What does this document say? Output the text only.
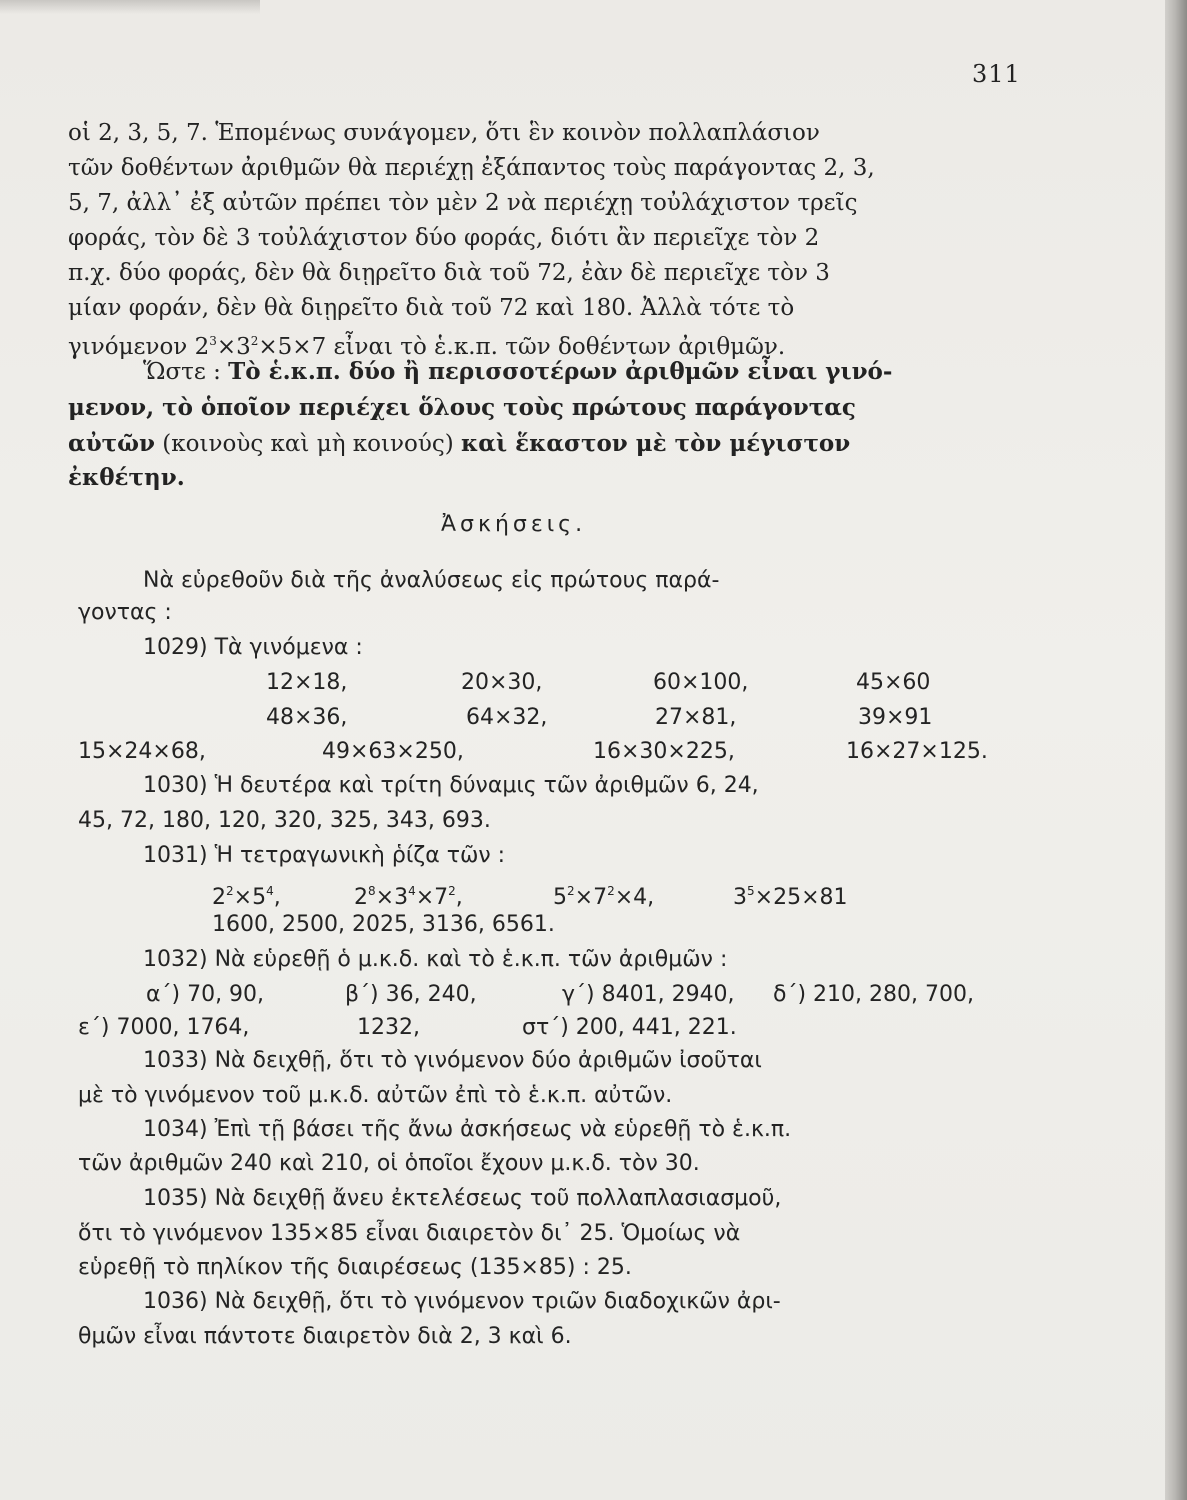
311

οἱ 2, 3, 5, 7. Ἑπομένως συνάγομεν, ὅτι ἓν κοινὸν πολλαπλάσιον

τῶν δοθέντων ἀριθμῶν θὰ περιέχῃ ἐξάπαντος τοὺς παράγοντας 2, 3,

5, 7, ἀλλ᾽ ἐξ αὐτῶν πρέπει τὸν μὲν 2 νὰ περιέχῃ τοὐλάχιστον τρεῖς

φοράς, τὸν δὲ 3 τοὐλάχιστον δύο φοράς, διότι ἂν περιεῖχε τὸν 2

π.χ. δύο φοράς, δὲν θὰ διῃρεῖτο διὰ τοῦ 72, ἐὰν δὲ περιεῖχε τὸν 3

μίαν φοράν, δὲν θὰ διῃρεῖτο διὰ τοῦ 72 καὶ 180. Ἀλλὰ τότε τὸ

γινόμενον $2^3\times 3^2\times 5\times 7$ εἶναι τὸ ἑ.κ.π. τῶν δοθέντων ἀριθμῶν.

Ὥστε : Τὸ ἑ.κ.π. δύο ἢ περισσοτέρων ἀριθμῶν εἶναι γινό-

μενον, τὸ ὁποῖον περιέχει ὅλους τοὺς πρώτους παράγοντας

αὐτῶν (κοινοὺς καὶ μὴ κοινούς) καὶ ἕκαστον μὲ τὸν μέγιστον

ἐκθέτην.

Ἀσκήσεις.

Νὰ εὑρεθοῦν διὰ τῆς ἀναλύσεως εἰς πρώτους παρά-

γοντας :

1029) Τὰ γινόμενα :

12×18,	20×30,	60×100,	45×60
48×36,	64×32,	27×81,	39×91
15×24×68,	49×63×250,	16×30×225,	16×27×125.

1030) Ἡ δευτέρα καὶ τρίτη δύναμις τῶν ἀριθμῶν 6, 24,

45, 72, 180, 120, 320, 325, 343, 693.

1031) Ἡ τετραγωνικὴ ῥίζα τῶν :

$2^2\times 5^4$,	$2^8\times 3^4\times 7^2$,	$5^2\times 7^2\times 4$,	$3^5\times 25\times 81$

1600, 2500, 2025, 3136, 6561.

1032) Νὰ εὑρεθῇ ὁ μ.κ.δ. καὶ τὸ ἑ.κ.π. τῶν ἀριθμῶν :

α΄) 70, 90,	β΄) 36, 240,	γ΄) 8401, 2940, δ΄) 210, 280, 700,
ε΄) 7000, 1764,	1232,	στ΄) 200, 441, 221.

1033) Νὰ δειχθῇ, ὅτι τὸ γινόμενον δύο ἀριθμῶν ἰσοῦται

μὲ τὸ γινόμενον τοῦ μ.κ.δ. αὐτῶν ἐπὶ τὸ ἑ.κ.π. αὐτῶν.

1034) Ἐπὶ τῇ βάσει τῆς ἄνω ἀσκήσεως νὰ εὑρεθῇ τὸ ἑ.κ.π.

τῶν ἀριθμῶν 240 καὶ 210, οἱ ὁποῖοι ἔχουν μ.κ.δ. τὸν 30.

1035) Νὰ δειχθῇ ἄνευ ἐκτελέσεως τοῦ πολλαπλασιασμοῦ,

ὅτι τὸ γινόμενον 135×85 εἶναι διαιρετὸν δι᾽ 25. Ὁμοίως νὰ

εὑρεθῇ τὸ πηλίκον τῆς διαιρέσεως (135×85) : 25.

1036) Νὰ δειχθῇ, ὅτι τὸ γινόμενον τριῶν διαδοχικῶν ἀρι-

θμῶν εἶναι πάντοτε διαιρετὸν διὰ 2, 3 καὶ 6.
